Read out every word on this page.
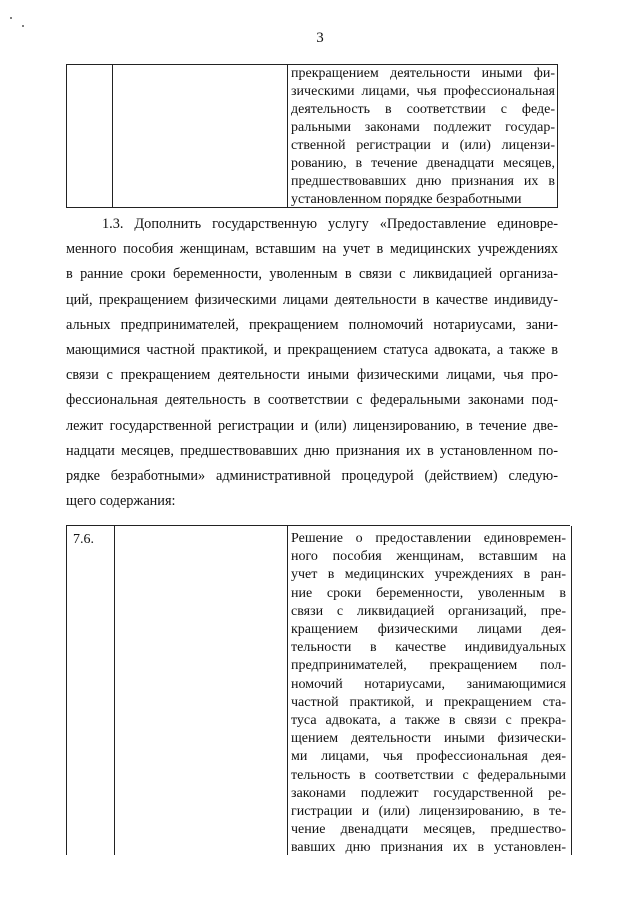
3
прекращением деятельности иными фи-
зическими лицами, чья профессиональная
деятельность в соответствии с феде-
ральными законами подлежит государ-
ственной регистрации и (или) лицензи-
рованию, в течение двенадцати месяцев,
предшествовавших дню признания их в
установленном порядке безработными
1.3. Дополнить государственную услугу «Предоставление единовре-
менного пособия женщинам, вставшим на учет в медицинских учреждениях
в ранние сроки беременности, уволенным в связи с ликвидацией организа-
ций, прекращением физическими лицами деятельности в качестве индивиду-
альных предпринимателей, прекращением полномочий нотариусами, зани-
мающимися частной практикой, и прекращением статуса адвоката, а также в
связи с прекращением деятельности иными физическими лицами, чья про-
фессиональная деятельность в соответствии с федеральными законами под-
лежит государственной регистрации и (или) лицензированию, в течение две-
надцати месяцев, предшествовавших дню признания их в установленном по-
рядке безработными» административной процедурой (действием) следую-
щего содержания:
7.6.	Решение о предоставлении единовремен-
ного пособия женщинам, вставшим на
учет в медицинских учреждениях в ран-
ние сроки беременности, уволенным в
связи с ликвидацией организаций, пре-
кращением физическими лицами дея-
тельности в качестве индивидуальных
предпринимателей, прекращением пол-
номочий нотариусами, занимающимися
частной практикой, и прекращением ста-
туса адвоката, а также в связи с прекра-
щением деятельности иными физически-
ми лицами, чья профессиональная дея-
тельность в соответствии с федеральными
законами подлежит государственной ре-
гистрации и (или) лицензированию, в те-
чение двенадцати месяцев, предшество-
вавших дню признания их в установлен-
